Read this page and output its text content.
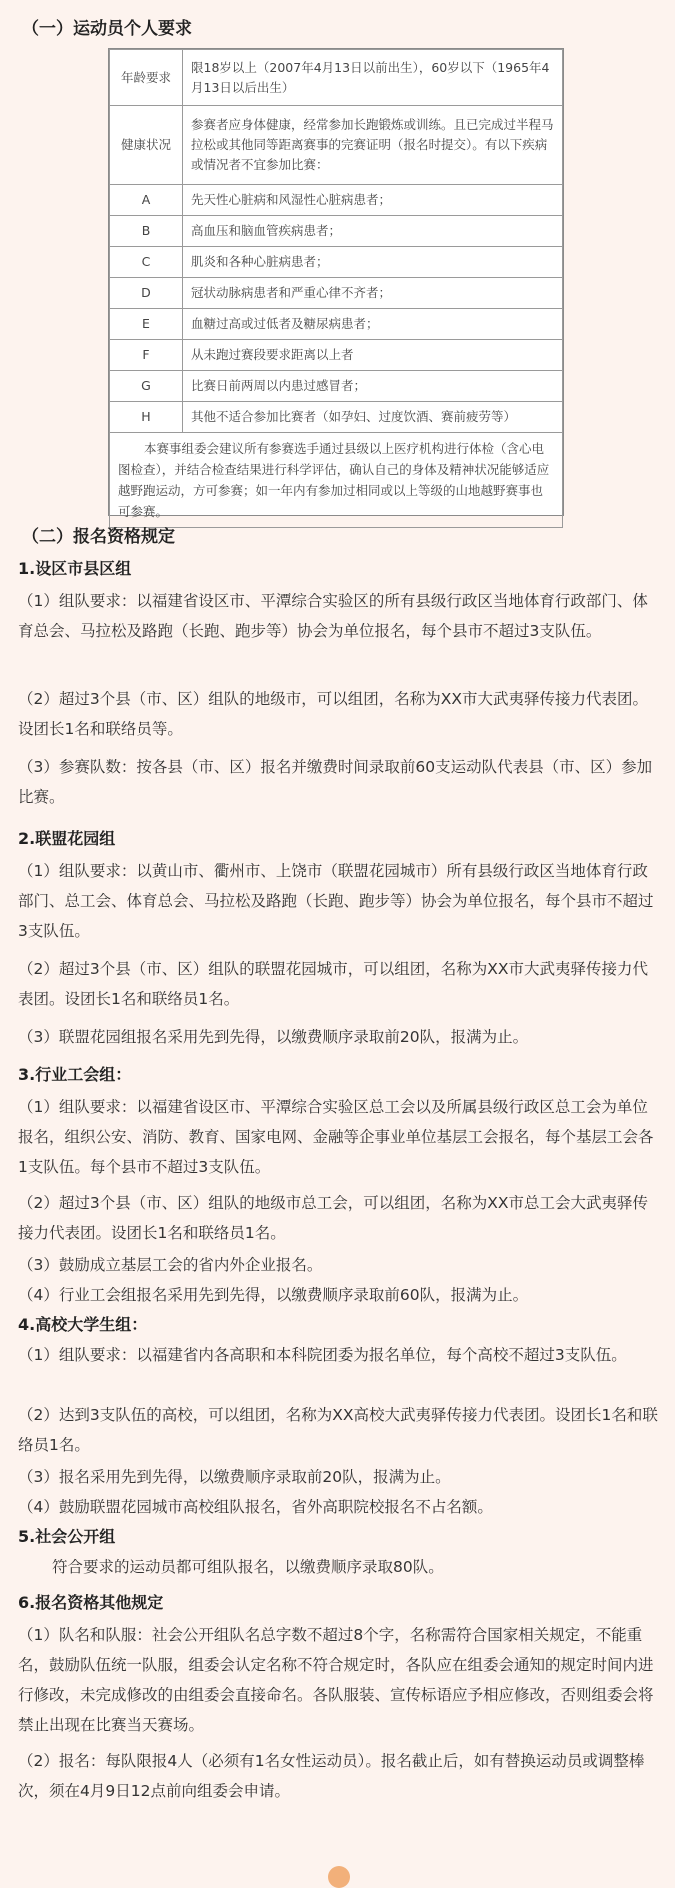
（一）运动员个人要求
年龄要求	限18岁以上（2007年4月13日以前出生），60岁以下（1965年4月13日以后出生）
健康状况	参赛者应身体健康，经常参加长跑锻炼或训练。且已完成过半程马拉松或其他同等距离赛事的完赛证明（报名时提交）。有以下疾病或情况者不宜参加比赛：
A	先天性心脏病和风湿性心脏病患者；
B	高血压和脑血管疾病患者；
C	肌炎和各种心脏病患者；
D	冠状动脉病患者和严重心律不齐者；
E	血糖过高或过低者及糖尿病患者；
F	从未跑过赛段要求距离以上者
G	比赛日前两周以内患过感冒者；
H	其他不适合参加比赛者（如孕妇、过度饮酒、赛前疲劳等）
本赛事组委会建议所有参赛选手通过县级以上医疗机构进行体检（含心电图检查），并结合检查结果进行科学评估，确认自己的身体及精神状况能够适应越野跑运动，方可参赛；如一年内有参加过相同或以上等级的山地越野赛事也可参赛。	
（二）报名资格规定
1.设区市县区组

（1）组队要求：以福建省设区市、平潭综合实验区的所有县级行政区当地体育行政部门、体育总会、马拉松及路跑（长跑、跑步等）协会为单位报名，每个县市不超过3支队伍。

（2）超过3个县（市、区）组队的地级市，可以组团，名称为XX市大武夷驿传接力代表团。设团长1名和联络员等。

（3）参赛队数：按各县（市、区）报名并缴费时间录取前60支运动队代表县（市、区）参加比赛。

2.联盟花园组

（1）组队要求：以黄山市、衢州市、上饶市（联盟花园城市）所有县级行政区当地体育行政部门、总工会、体育总会、马拉松及路跑（长跑、跑步等）协会为单位报名，每个县市不超过3支队伍。

（2）超过3个县（市、区）组队的联盟花园城市，可以组团，名称为XX市大武夷驿传接力代表团。设团长1名和联络员1名。

（3）联盟花园组报名采用先到先得，以缴费顺序录取前20队，报满为止。

3.行业工会组：

（1）组队要求：以福建省设区市、平潭综合实验区总工会以及所属县级行政区总工会为单位报名，组织公安、消防、教育、国家电网、金融等企事业单位基层工会报名，每个基层工会各1支队伍。每个县市不超过3支队伍。

（2）超过3个县（市、区）组队的地级市总工会，可以组团，名称为XX市总工会大武夷驿传接力代表团。设团长1名和联络员1名。

（3）鼓励成立基层工会的省内外企业报名。

（4）行业工会组报名采用先到先得，以缴费顺序录取前60队，报满为止。

4.高校大学生组：

（1）组队要求：以福建省内各高职和本科院团委为报名单位，每个高校不超过3支队伍。

（2）达到3支队伍的高校，可以组团，名称为XX高校大武夷驿传接力代表团。设团长1名和联络员1名。

（3）报名采用先到先得，以缴费顺序录取前20队，报满为止。

（4）鼓励联盟花园城市高校组队报名，省外高职院校报名不占名额。

5.社会公开组

符合要求的运动员都可组队报名，以缴费顺序录取80队。

6.报名资格其他规定

（1）队名和队服：社会公开组队名总字数不超过8个字，名称需符合国家相关规定，不能重名，鼓励队伍统一队服，组委会认定名称不符合规定时，各队应在组委会通知的规定时间内进行修改，未完成修改的由组委会直接命名。各队服装、宣传标语应予相应修改，否则组委会将禁止出现在比赛当天赛场。

（2）报名：每队限报4人（必须有1名女性运动员）。报名截止后，如有替换运动员或调整棒次，须在4月9日12点前向组委会申请。
